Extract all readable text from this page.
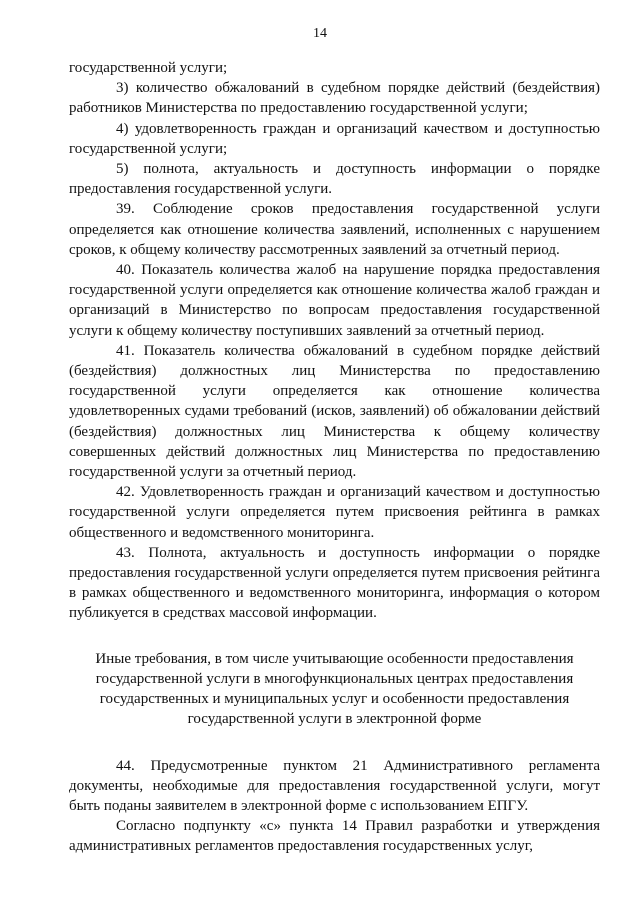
14

государственной услуги;

3) количество обжалований в судебном порядке действий (бездействия) работников Министерства по предоставлению государственной услуги;

4) удовлетворенность граждан и организаций качеством и доступностью государственной услуги;

5) полнота, актуальность и доступность информации о порядке предоставления государственной услуги.

39. Соблюдение сроков предоставления государственной услуги определяется как отношение количества заявлений, исполненных с нарушением сроков, к общему количеству рассмотренных заявлений за отчетный период.

40. Показатель количества жалоб на нарушение порядка предоставления государственной услуги определяется как отношение количества жалоб граждан и организаций в Министерство по вопросам предоставления государственной услуги к общему количеству поступивших заявлений за отчетный период.

41. Показатель количества обжалований в судебном порядке действий (бездействия) должностных лиц Министерства по предоставлению государственной услуги определяется как отношение количества удовлетворенных судами требований (исков, заявлений) об обжаловании действий (бездействия) должностных лиц Министерства к общему количеству совершенных действий должностных лиц Министерства по предоставлению государственной услуги за отчетный период.

42. Удовлетворенность граждан и организаций качеством и доступностью государственной услуги определяется путем присвоения рейтинга в рамках общественного и ведомственного мониторинга.

43. Полнота, актуальность и доступность информации о порядке предоставления государственной услуги определяется путем присвоения рейтинга в рамках общественного и ведомственного мониторинга, информация о котором публикуется в средствах массовой информации.

Иные требования, в том числе учитывающие особенности предоставления государственной услуги в многофункциональных центрах предоставления государственных и муниципальных услуг и особенности предоставления государственной услуги в электронной форме

44. Предусмотренные пунктом 21 Административного регламента документы, необходимые для предоставления государственной услуги, могут быть поданы заявителем в электронной форме с использованием ЕПГУ.

Согласно подпункту «с» пункта 14 Правил разработки и утверждения административных регламентов предоставления государственных услуг,
